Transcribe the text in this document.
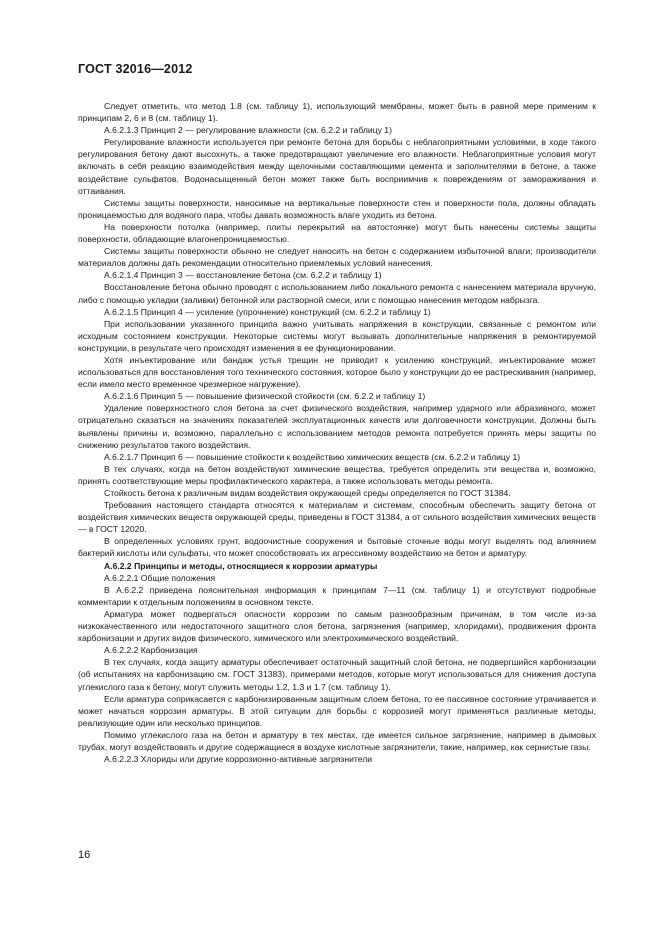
ГОСТ 32016—2012

Следует отметить, что метод 1.8 (см. таблицу 1), использующий мембраны, может быть в равной мере применим к принципам 2, 6 и 8 (см. таблицу 1).

А.6.2.1.3 Принцип 2 — регулирование влажности (см. 6.2.2 и таблицу 1)

Регулирование влажности используется при ремонте бетона для борьбы с неблагоприятными условиями, в ходе такого регулирования бетону дают высохнуть, а также предотвращают увеличение его влажности. Неблагоприятные условия могут включать в себя реакцию взаимодействия между щелочными составляющими цемента и заполнителями в бетоне, а также воздействие сульфатов. Водонасыщенный бетон может также быть восприимчив к повреждениям от замораживания и оттаивания.

Системы защиты поверхности, наносимые на вертикальные поверхности стен и поверхности пола, должны обладать проницаемостью для водяного пара, чтобы давать возможность влаге уходить из бетона.

На поверхности потолка (например, плиты перекрытий на автостоянке) могут быть нанесены системы защиты поверхности, обладающие влагонепроницаемостью.

Системы защиты поверхности обычно не следует наносить на бетон с содержанием избыточной влаги; производители материалов должны дать рекомендации относительно приемлемых условий нанесения.

А.6.2.1.4 Принцип 3 — восстановление бетона (см. 6.2.2 и таблицу 1)

Восстановление бетона обычно проводят с использованием либо локального ремонта с нанесением материала вручную, либо с помощью укладки (заливки) бетонной или растворной смеси, или с помощью нанесения методом набрызга.

А.6.2.1.5 Принцип 4 — усиление (упрочнение) конструкций (см. 6.2.2 и таблицу 1)

При использовании указанного принципа важно учитывать напряжения в конструкции, связанные с ремонтом или исходным состоянием конструкции. Некоторые системы могут вызывать дополнительные напряжения в ремонтируемой конструкции, в результате чего происходят изменения в ее функционировании.

Хотя инъектирование или бандаж устья трещин не приводит к усилению конструкций, инъектирование может использоваться для восстановления того технического состояния, которое было у конструкции до ее растрескивания (например, если имело место временное чрезмерное нагружение).

А.6.2.1.6 Принцип 5 — повышение физической стойкости (см. 6.2.2 и таблицу 1)

Удаление поверхностного слоя бетона за счет физического воздействия, например ударного или абразивного, может отрицательно сказаться на значениях показателей эксплуатационных качеств или долговечности конструкции. Должны быть выявлены причины и, возможно, параллельно с использованием методов ремонта потребуется принять меры защиты по снижению результатов такого воздействия.

А.6.2.1.7 Принцип 6 — повышение стойкости к воздействию химических веществ (см. 6.2.2 и таблицу 1)

В тех случаях, когда на бетон воздействуют химические вещества, требуется определить эти вещества и, возможно, принять соответствующие меры профилактического характера, а также использовать методы ремонта.

Стойкость бетона к различным видам воздействия окружающей среды определяется по ГОСТ 31384.

Требования настоящего стандарта относятся к материалам и системам, способным обеспечить защиту бетона от воздействия химических веществ окружающей среды, приведены в ГОСТ 31384, а от сильного воздействия химических веществ — в ГОСТ 12020.

В определенных условиях грунт, водоочистные сооружения и бытовые сточные воды могут выделять под влиянием бактерий кислоты или сульфаты, что может способствовать их агрессивному воздействию на бетон и арматуру.

А.6.2.2 Принципы и методы, относящиеся к коррозии арматуры

А.6.2.2.1 Общие положения

В А.6.2.2 приведена пояснительная информация к принципам 7—11 (см. таблицу 1) и отсутствуют подробные комментарии к отдельным положениям в основном тексте.

Арматура может подвергаться опасности коррозии по самым разнообразным причинам, в том числе из-за низкокачественного или недостаточного защитного слоя бетона, загрязнения (например, хлоридами), продвижения фронта карбонизации и других видов физического, химического или электрохимического воздействий.

А.6.2.2.2 Карбонизация

В тех случаях, когда защиту арматуры обеспечивает остаточный защитный слой бетона, не подвергшийся карбонизации (об испытаниях на карбонизацию см. ГОСТ 31383), примерами методов, которые могут использоваться для снижения доступа углекислого газа к бетону, могут служить методы 1.2, 1.3 и 1.7 (см. таблицу 1).

Если арматура соприкасается с карбонизированным защитным слоем бетона, то ее пассивное состояние утрачивается и может начаться коррозия арматуры. В этой ситуации для борьбы с коррозией могут применяться различные методы, реализующие один или несколько принципов.

Помимо углекислого газа на бетон и арматуру в тех местах, где имеется сильное загрязнение, например в дымовых трубах, могут воздействовать и другие содержащиеся в воздухе кислотные загрязнители, такие, например, как сернистые газы.

А.6.2.2.3 Хлориды или другие коррозионно-активные загрязнители

16
